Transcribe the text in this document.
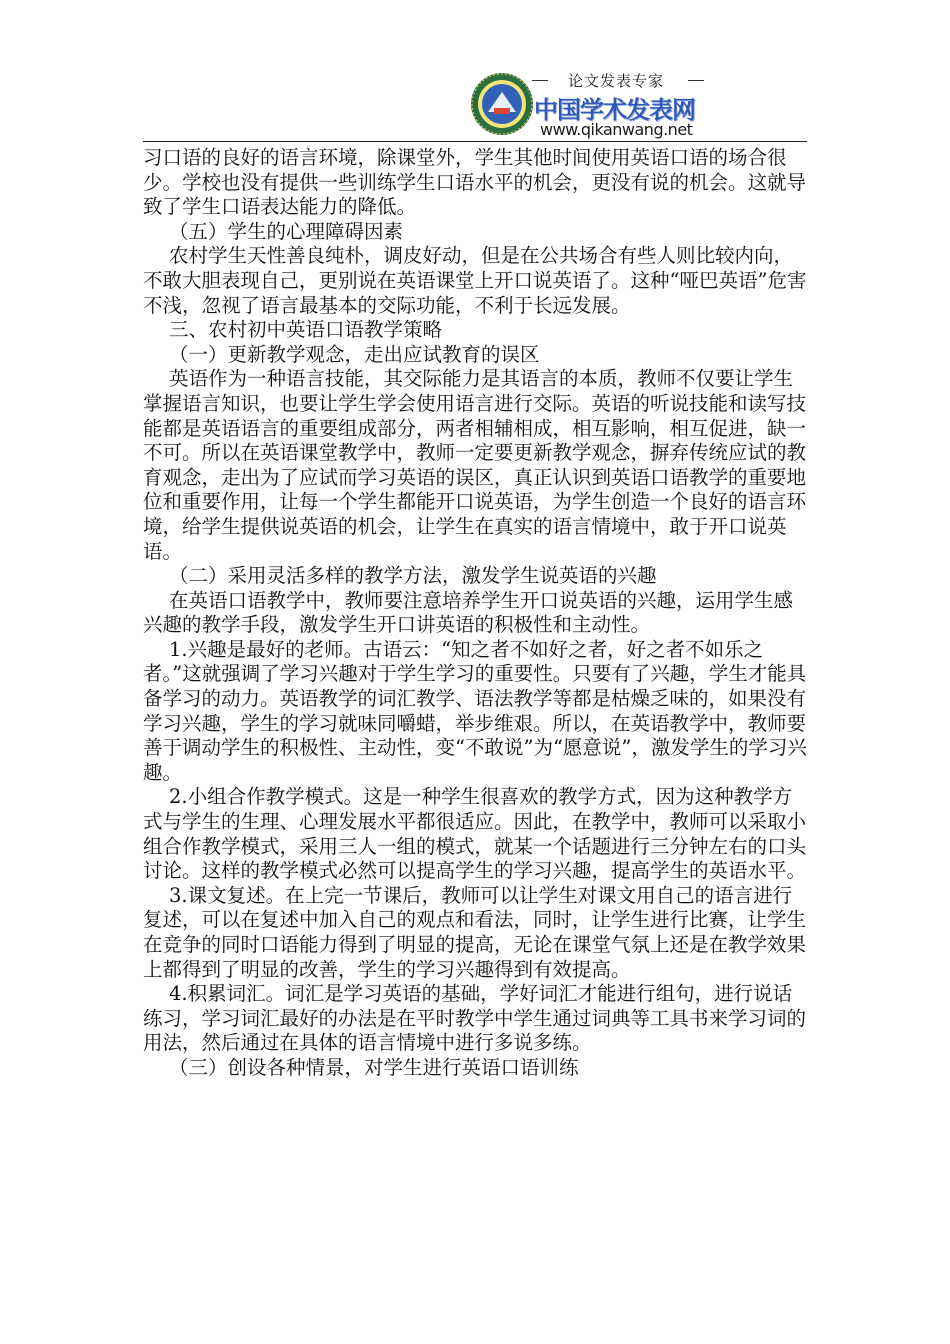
论文发表专家
中国学术发表网
www.qikanwang.net

习口语的良好的语言环境，除课堂外，学生其他时间使用英语口语的场合很少。学校也没有提供一些训练学生口语水平的机会，更没有说的机会。这就导致了学生口语表达能力的降低。

（五）学生的心理障碍因素

农村学生天性善良纯朴，调皮好动，但是在公共场合有些人则比较内向，不敢大胆表现自己，更别说在英语课堂上开口说英语了。这种“哑巴英语”危害不浅，忽视了语言最基本的交际功能，不利于长远发展。

三、农村初中英语口语教学策略

（一）更新教学观念，走出应试教育的误区

英语作为一种语言技能，其交际能力是其语言的本质，教师不仅要让学生掌握语言知识，也要让学生学会使用语言进行交际。英语的听说技能和读写技能都是英语语言的重要组成部分，两者相辅相成，相互影响，相互促进，缺一不可。所以在英语课堂教学中，教师一定要更新教学观念，摒弃传统应试的教育观念，走出为了应试而学习英语的误区，真正认识到英语口语教学的重要地位和重要作用，让每一个学生都能开口说英语，为学生创造一个良好的语言环境，给学生提供说英语的机会，让学生在真实的语言情境中，敢于开口说英语。

（二）采用灵活多样的教学方法，激发学生说英语的兴趣

在英语口语教学中，教师要注意培养学生开口说英语的兴趣，运用学生感兴趣的教学手段，激发学生开口讲英语的积极性和主动性。

1.兴趣是最好的老师。古语云：“知之者不如好之者，好之者不如乐之者。”这就强调了学习兴趣对于学生学习的重要性。只要有了兴趣，学生才能具备学习的动力。英语教学的词汇教学、语法教学等都是枯燥乏味的，如果没有学习兴趣，学生的学习就味同嚼蜡，举步维艰。所以，在英语教学中，教师要善于调动学生的积极性、主动性，变“不敢说”为“愿意说”，激发学生的学习兴趣。

2.小组合作教学模式。这是一种学生很喜欢的教学方式，因为这种教学方式与学生的生理、心理发展水平都很适应。因此，在教学中，教师可以采取小组合作教学模式，采用三人一组的模式，就某一个话题进行三分钟左右的口头讨论。这样的教学模式必然可以提高学生的学习兴趣，提高学生的英语水平。

3.课文复述。在上完一节课后，教师可以让学生对课文用自己的语言进行复述，可以在复述中加入自己的观点和看法，同时，让学生进行比赛，让学生在竞争的同时口语能力得到了明显的提高，无论在课堂气氛上还是在教学效果上都得到了明显的改善，学生的学习兴趣得到有效提高。

4.积累词汇。词汇是学习英语的基础，学好词汇才能进行组句，进行说话练习，学习词汇最好的办法是在平时教学中学生通过词典等工具书来学习词的用法，然后通过在具体的语言情境中进行多说多练。

（三）创设各种情景，对学生进行英语口语训练
